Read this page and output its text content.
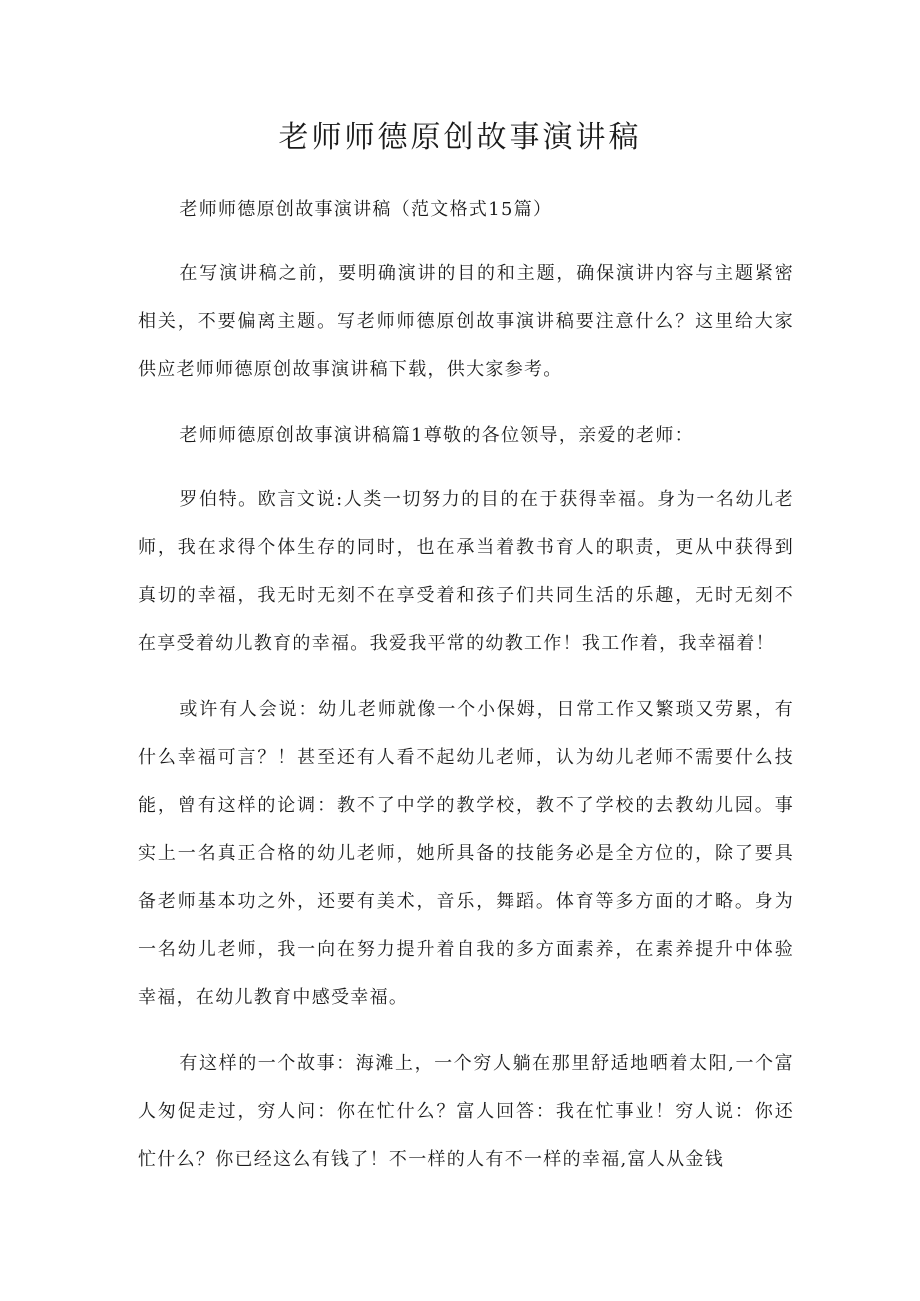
老师师德原创故事演讲稿

老师师德原创故事演讲稿（范文格式15篇）

在写演讲稿之前，要明确演讲的目的和主题，确保演讲内容与主题紧密相关，不要偏离主题。写老师师德原创故事演讲稿要注意什么？这里给大家供应老师师德原创故事演讲稿下载，供大家参考。

老师师德原创故事演讲稿篇1尊敬的各位领导，亲爱的老师：

罗伯特。欧言文说:人类一切努力的目的在于获得幸福。身为一名幼儿老师，我在求得个体生存的同时，也在承当着教书育人的职责，更从中获得到真切的幸福，我无时无刻不在享受着和孩子们共同生活的乐趣，无时无刻不在享受着幼儿教育的幸福。我爱我平常的幼教工作！我工作着，我幸福着！

或许有人会说：幼儿老师就像一个小保姆，日常工作又繁琐又劳累，有什么幸福可言？！甚至还有人看不起幼儿老师，认为幼儿老师不需要什么技能，曾有这样的论调：教不了中学的教学校，教不了学校的去教幼儿园。事实上一名真正合格的幼儿老师，她所具备的技能务必是全方位的，除了要具备老师基本功之外，还要有美术，音乐，舞蹈。体育等多方面的才略。身为一名幼儿老师，我一向在努力提升着自我的多方面素养，在素养提升中体验幸福，在幼儿教育中感受幸福。

有这样的一个故事：海滩上，一个穷人躺在那里舒适地晒着太阳,一个富人匆促走过，穷人问：你在忙什么？富人回答：我在忙事业！穷人说：你还忙什么？你已经这么有钱了！不一样的人有不一样的幸福,富人从金钱
